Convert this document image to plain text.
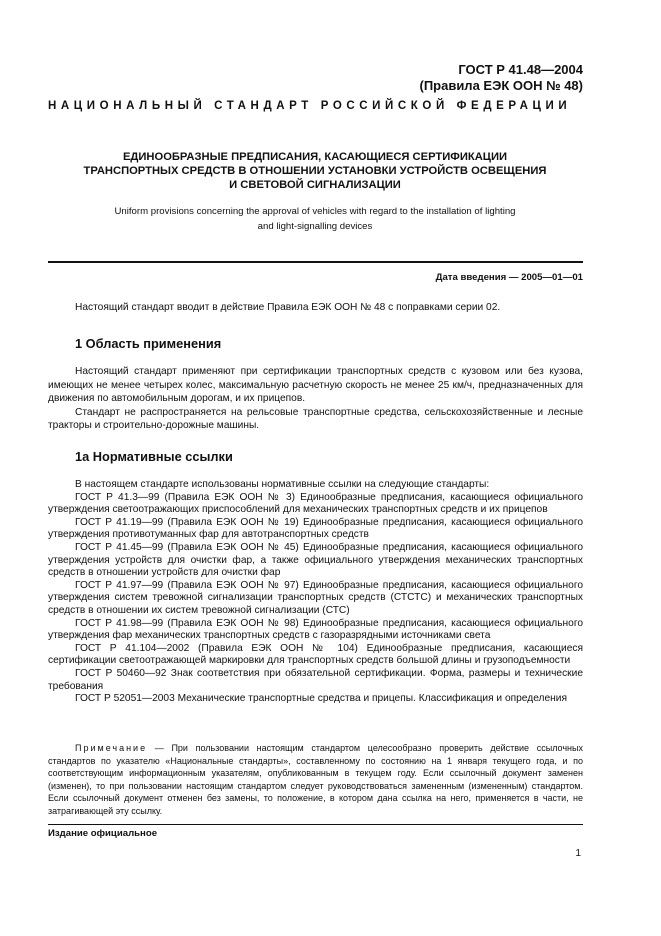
ГОСТ Р 41.48—2004
(Правила ЕЭК ООН № 48)
НАЦИОНАЛЬНЫЙ СТАНДАРТ РОССИЙСКОЙ ФЕДЕРАЦИИ
ЕДИНООБРАЗНЫЕ ПРЕДПИСАНИЯ, КАСАЮЩИЕСЯ СЕРТИФИКАЦИИ
ТРАНСПОРТНЫХ СРЕДСТВ В ОТНОШЕНИИ УСТАНОВКИ УСТРОЙСТВ ОСВЕЩЕНИЯ
И СВЕТОВОЙ СИГНАЛИЗАЦИИ
Uniform provisions concerning the approval of vehicles with regard to the installation of lighting
and light-signalling devices
Дата введения — 2005—01—01
Настоящий стандарт вводит в действие Правила ЕЭК ООН № 48 с поправками серии 02.
1 Область применения

Настоящий стандарт применяют при сертификации транспортных средств с кузовом или без кузова, имеющих не менее четырех колес, максимальную расчетную скорость не менее 25 км/ч, предназначенных для движения по автомобильным дорогам, и их прицепов.

Стандарт не распространяется на рельсовые транспортные средства, сельскохозяйственные и лесные тракторы и строительно-дорожные машины.

1а Нормативные ссылки

В настоящем стандарте использованы нормативные ссылки на следующие стандарты:

ГОСТ Р 41.3—99 (Правила ЕЭК ООН № 3) Единообразные предписания, касающиеся официального утверждения светоотражающих приспособлений для механических транспортных средств и их прицепов

ГОСТ Р 41.19—99 (Правила ЕЭК ООН № 19) Единообразные предписания, касающиеся официального утверждения противотуманных фар для автотранспортных средств

ГОСТ Р 41.45—99 (Правила ЕЭК ООН № 45) Единообразные предписания, касающиеся официального утверждения устройств для очистки фар, а также официального утверждения механических транспортных средств в отношении устройств для очистки фар

ГОСТ Р 41.97—99 (Правила ЕЭК ООН № 97) Единообразные предписания, касающиеся официального утверждения систем тревожной сигнализации транспортных средств (СТСТС) и механических транспортных средств в отношении их систем тревожной сигнализации (СТС)

ГОСТ Р 41.98—99 (Правила ЕЭК ООН № 98) Единообразные предписания, касающиеся официального утверждения фар механических транспортных средств с газоразрядными источниками света

ГОСТ Р 41.104—2002 (Правила ЕЭК ООН № 104) Единообразные предписания, касающиеся сертификации светоотражающей маркировки для транспортных средств большой длины и грузоподъемности

ГОСТ Р 50460—92 Знак соответствия при обязательной сертификации. Форма, размеры и технические требования

ГОСТ Р 52051—2003 Механические транспортные средства и прицепы. Классификация и определения

Примечание — При пользовании настоящим стандартом целесообразно проверить действие ссылочных стандартов по указателю «Национальные стандарты», составленному по состоянию на 1 января текущего года, и по соответствующим информационным указателям, опубликованным в текущем году. Если ссылочный документ заменен (изменен), то при пользовании настоящим стандартом следует руководствоваться замененным (измененным) стандартом. Если ссылочный документ отменен без замены, то положение, в котором дана ссылка на него, применяется в части, не затрагивающей эту ссылку.

Издание официальное
1
